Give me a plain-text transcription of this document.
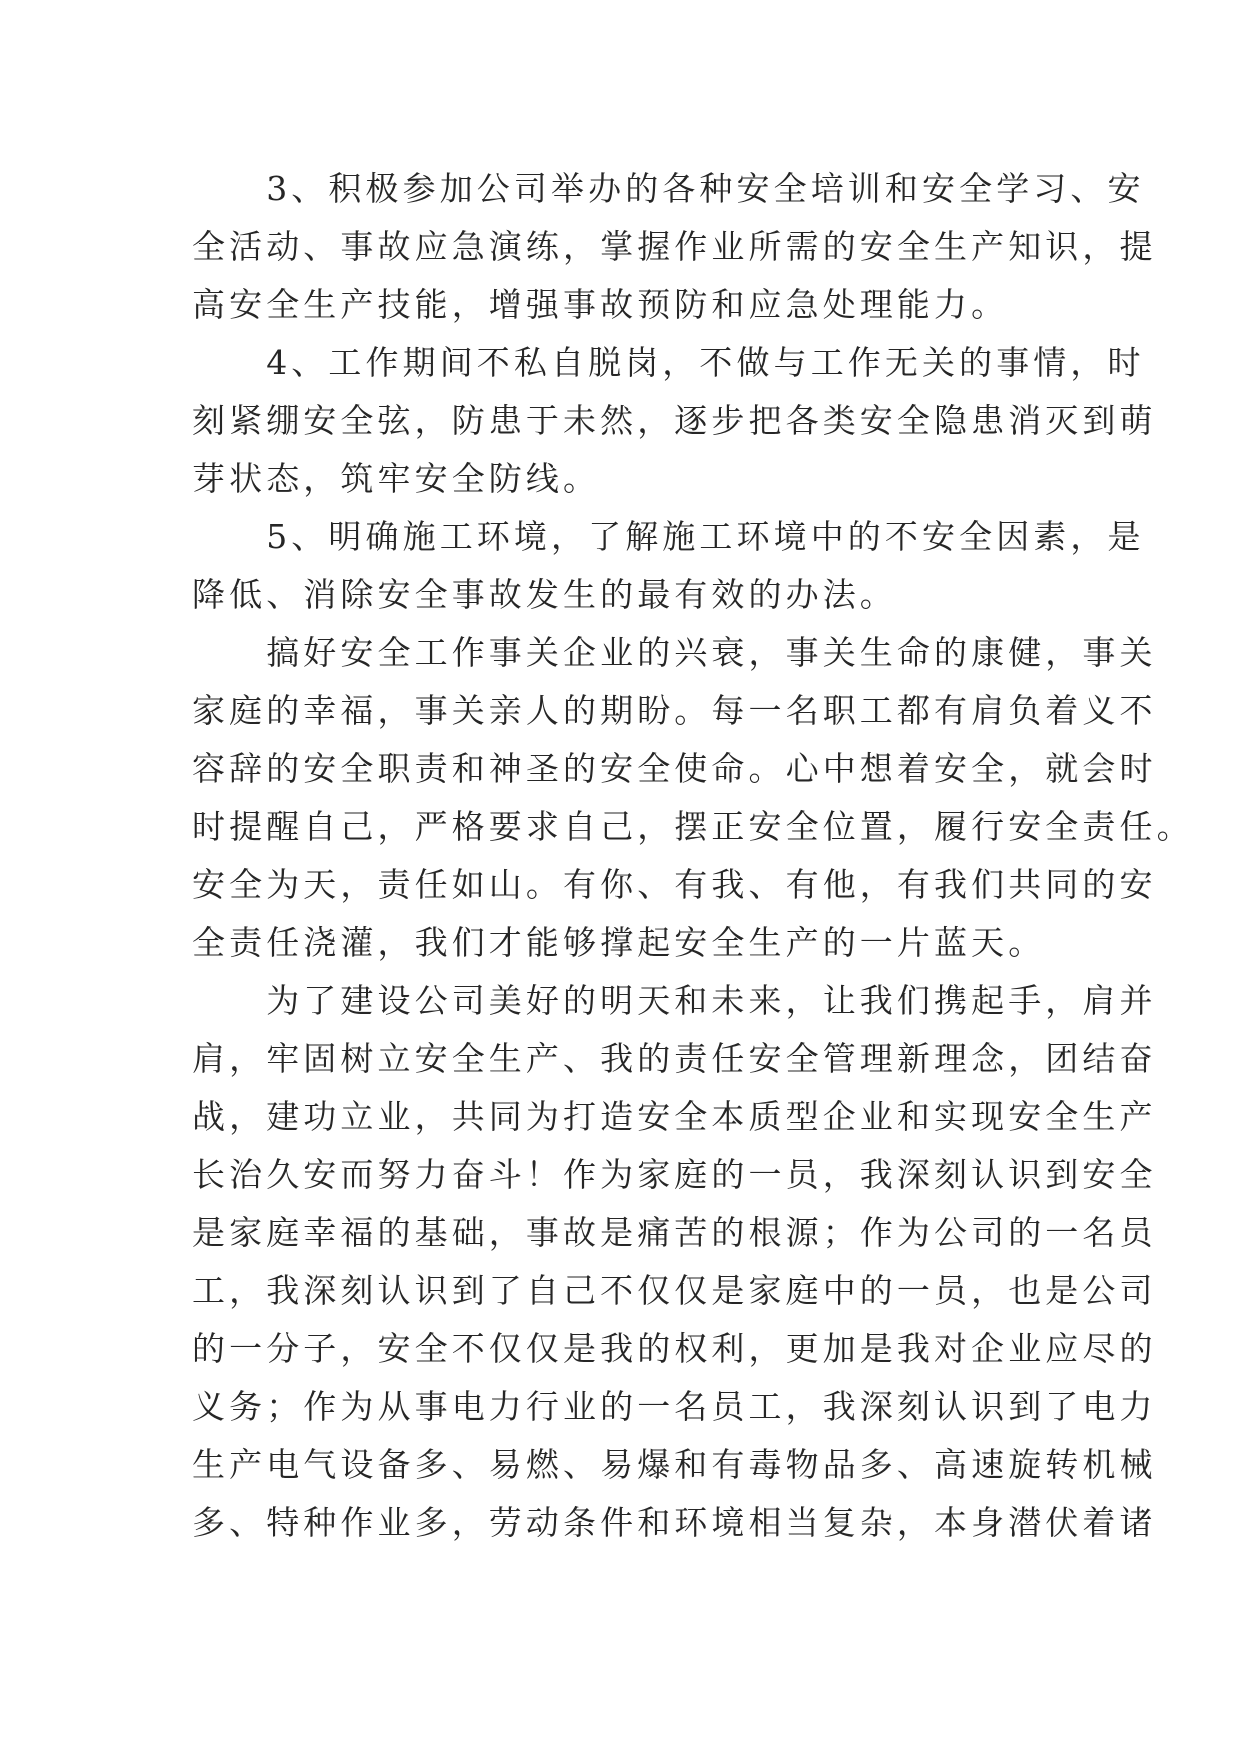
　　3、积极参加公司举办的各种安全培训和安全学习、安
全活动、事故应急演练，掌握作业所需的安全生产知识，提
高安全生产技能，增强事故预防和应急处理能力。
　　4、工作期间不私自脱岗，不做与工作无关的事情，时
刻紧绷安全弦，防患于未然，逐步把各类安全隐患消灭到萌
芽状态，筑牢安全防线。
　　5、明确施工环境，了解施工环境中的不安全因素，是
降低、消除安全事故发生的最有效的办法。
　　搞好安全工作事关企业的兴衰，事关生命的康健，事关
家庭的幸福，事关亲人的期盼。每一名职工都有肩负着义不
容辞的安全职责和神圣的安全使命。心中想着安全，就会时
时提醒自己，严格要求自己，摆正安全位置，履行安全责任。
安全为天，责任如山。有你、有我、有他，有我们共同的安
全责任浇灌，我们才能够撑起安全生产的一片蓝天。
　　为了建设公司美好的明天和未来，让我们携起手，肩并
肩，牢固树立安全生产、我的责任安全管理新理念，团结奋
战，建功立业，共同为打造安全本质型企业和实现安全生产
长治久安而努力奋斗！作为家庭的一员，我深刻认识到安全
是家庭幸福的基础，事故是痛苦的根源；作为公司的一名员
工，我深刻认识到了自己不仅仅是家庭中的一员，也是公司
的一分子，安全不仅仅是我的权利，更加是我对企业应尽的
义务；作为从事电力行业的一名员工，我深刻认识到了电力
生产电气设备多、易燃、易爆和有毒物品多、高速旋转机械
多、特种作业多，劳动条件和环境相当复杂，本身潜伏着诸
